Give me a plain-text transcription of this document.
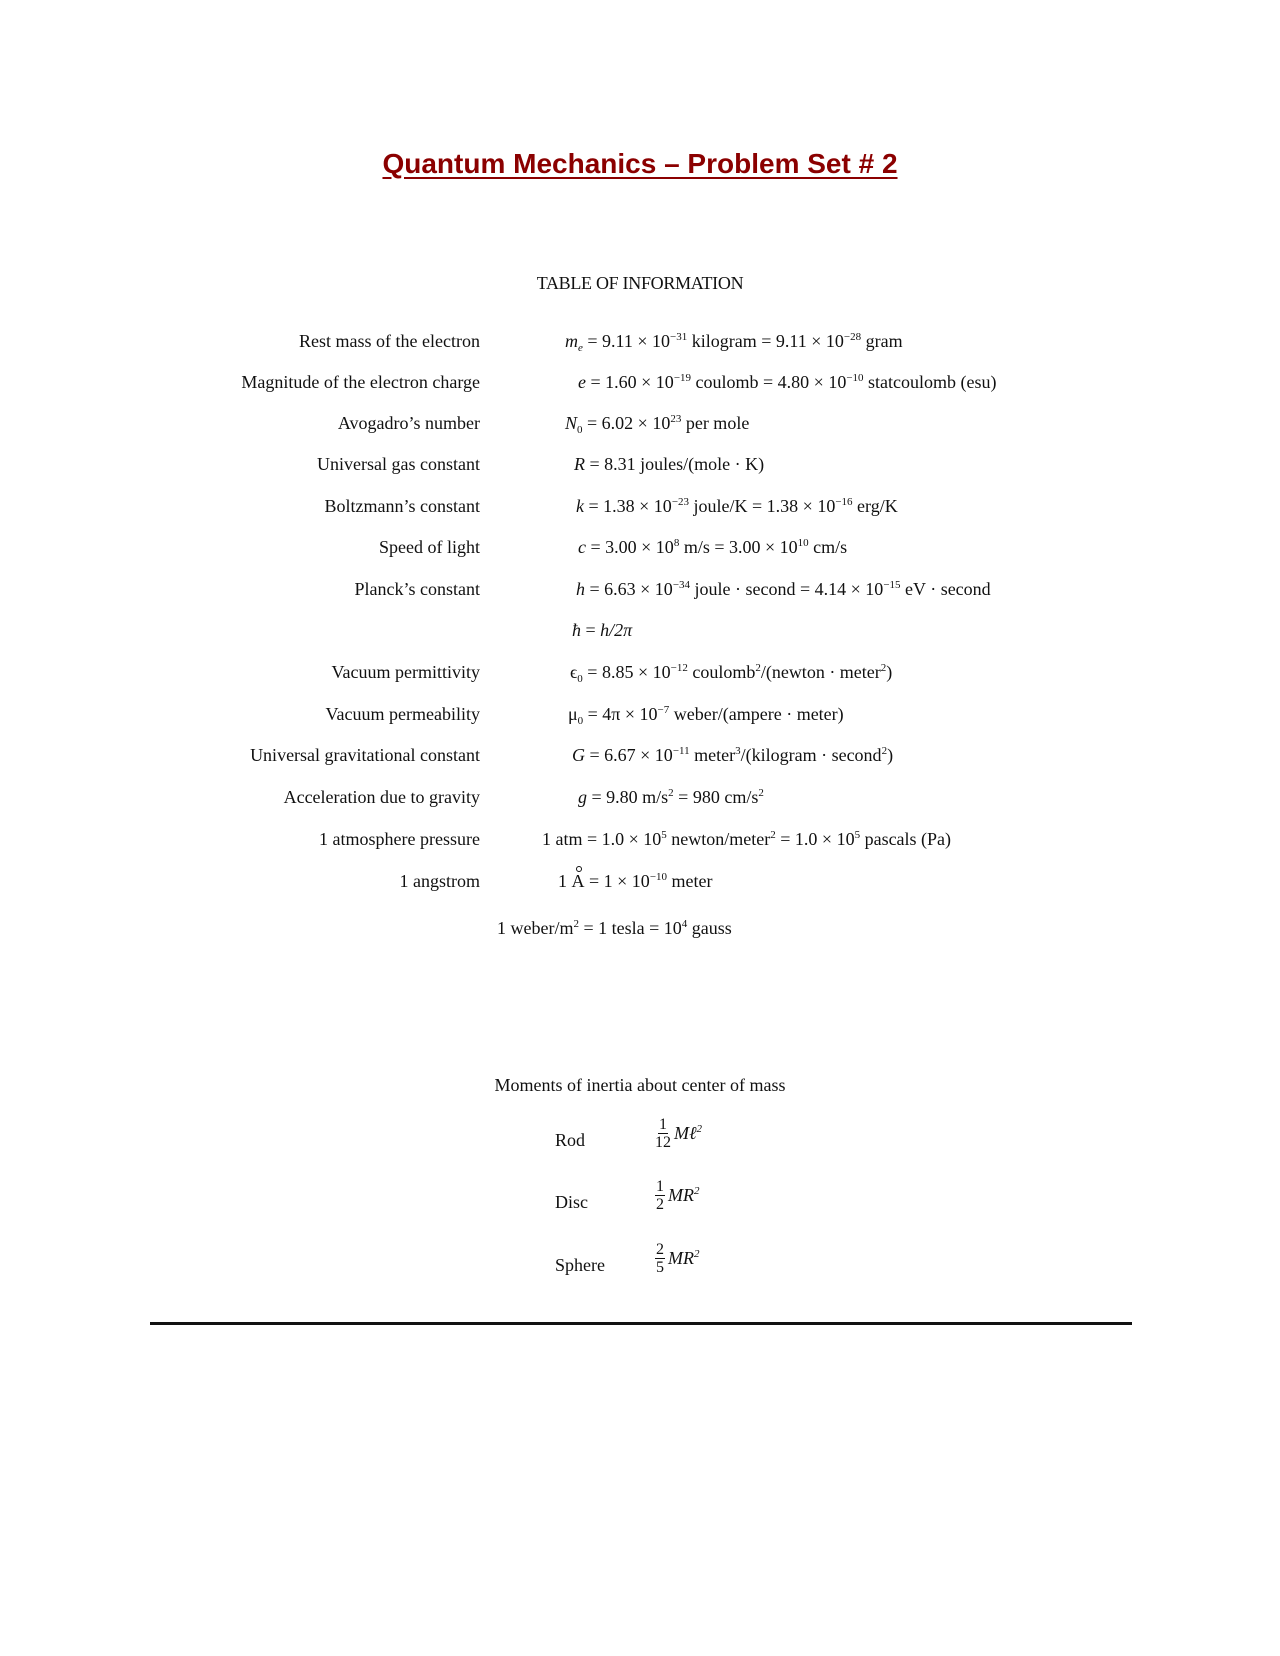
Quantum Mechanics – Problem Set # 2
TABLE OF INFORMATION
Rest mass of the electron	$m_e = 9.11 \times 10^{-31}$ kilogram = $9.11 \times 10^{-28}$ gram
Magnitude of the electron charge	$e = 1.60 \times 10^{-19}$ coulomb = $4.80 \times 10^{-10}$ statcoulomb (esu)
Avogadro’s number	$N_0 = 6.02 \times 10^{23}$ per mole
Universal gas constant	R = 8.31 joules/(mole · K)
Boltzmann’s constant	$k = 1.38 \times 10^{-23}$ joule/K = $1.38 \times 10^{-16}$ erg/K
Speed of light	$c = 3.00 \times 10^8$ $m/s = 3.00 \times 10^{10}$ cm/s
Planck’s constant	$h = 6.63 \times 10^{-34}$ joule · second = $4.14 \times 10^{-15}$ eV · second
ħ = h/2π
Vacuum permittivity	$\epsilon_0 = 8.85 \times 10^{-12}$ coulomb$^2$/(newton · meter$^2$)
Vacuum permeability	$\mu_0 = 4\pi \times 10^{-7}$ weber/(ampere · meter)
Universal gravitational constant	$G = 6.67 \times 10^{-11}$ meter$^3$/(kilogram · second$^2$)
Acceleration due to gravity	g = 9.80 $m/s^2 = 980$ $cm/s^2$
1 atmosphere pressure	1 atm = $1.0 \times 10^5$ newton/meter$^2$ = $1.0 \times 10^5$ pascals (Pa)
1 angstrom	1 $A = 1 \times 10^{-10}$ meter
1 weber/$m^2 = 1$ tesla = $10^4$ gauss
Moments of inertia about center of mass
Rod	$\frac{1}{12}$ Mℓ$^2$
Disc	$\frac{1}{2} MR^2$
Sphere	$\frac{2}{5} MR^2$
